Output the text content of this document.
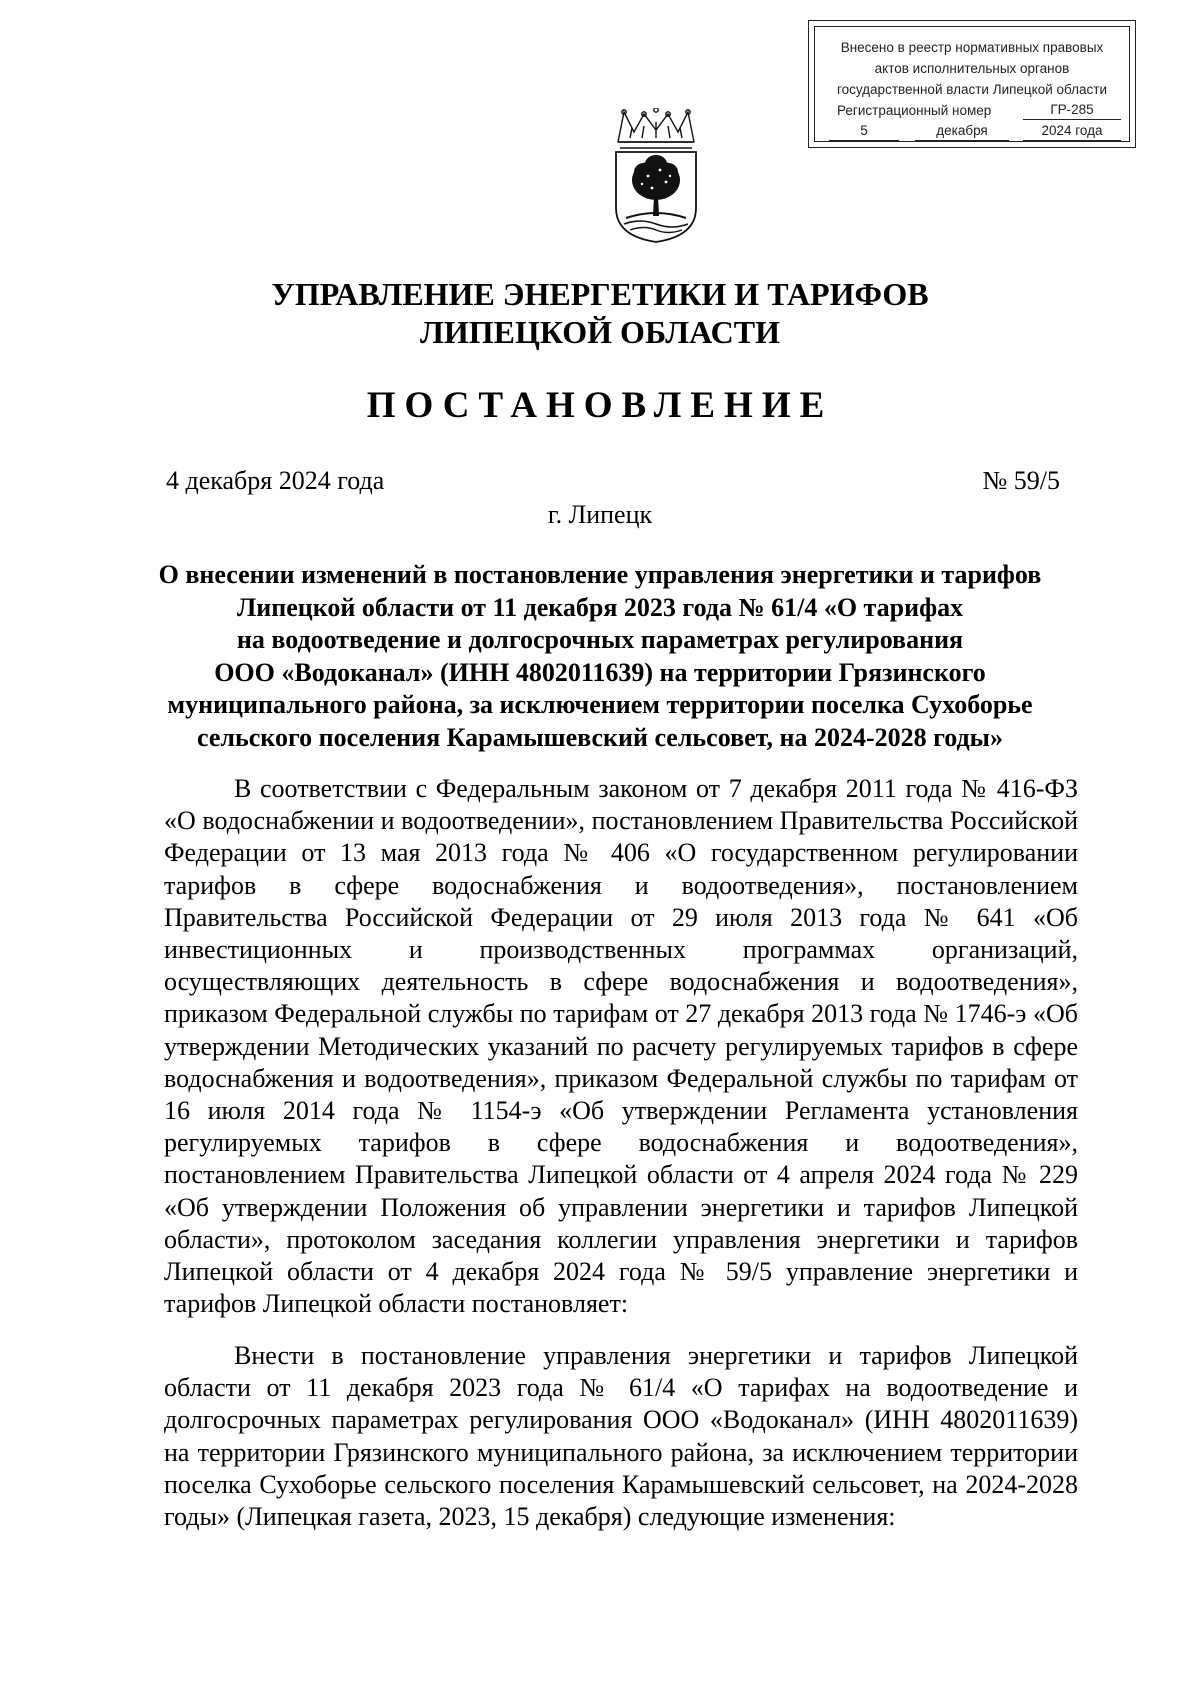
Внесено в реестр нормативных правовых
актов исполнительных органов
государственной власти Липецкой области
Регистрационный номер	ГР-285
5	декабря	2024 года
УПРАВЛЕНИЕ ЭНЕРГЕТИКИ И ТАРИФОВ
ЛИПЕЦКОЙ ОБЛАСТИ
ПОСТАНОВЛЕНИЕ
4 декабря 2024 года	№ 59/5
г. Липецк
О внесении изменений в постановление управления энергетики и тарифов
Липецкой области от 11 декабря 2023 года № 61/4 «О тарифах
на водоотведение и долгосрочных параметрах регулирования
ООО «Водоканал» (ИНН 4802011639) на территории Грязинского
муниципального района, за исключением территории поселка Сухоборье
сельского поселения Карамышевский сельсовет, на 2024-2028 годы»
В соответствии с Федеральным законом от 7 декабря 2011 года № 416-ФЗ «О водоснабжении и водоотведении», постановлением Правительства Российской Федерации от 13 мая 2013 года № 406 «О государственном регулировании тарифов в сфере водоснабжения и водоотведения», постановлением Правительства Российской Федерации от 29 июля 2013 года № 641 «Об инвестиционных и производственных программах организаций, осуществляющих деятельность в сфере водоснабжения и водоотведения», приказом Федеральной службы по тарифам от 27 декабря 2013 года № 1746-э «Об утверждении Методических указаний по расчету регулируемых тарифов в сфере водоснабжения и водоотведения», приказом Федеральной службы по тарифам от 16 июля 2014 года № 1154-э «Об утверждении Регламента установления регулируемых тарифов в сфере водоснабжения и водоотведения», постановлением Правительства Липецкой области от 4 апреля 2024 года № 229 «Об утверждении Положения об управлении энергетики и тарифов Липецкой области», протоколом заседания коллегии управления энергетики и тарифов Липецкой области от 4 декабря 2024 года № 59/5 управление энергетики и тарифов Липецкой области постановляет:
Внести в постановление управления энергетики и тарифов Липецкой области от 11 декабря 2023 года № 61/4 «О тарифах на водоотведение и долгосрочных параметрах регулирования ООО «Водоканал» (ИНН 4802011639) на территории Грязинского муниципального района, за исключением территории поселка Сухоборье сельского поселения Карамышевский сельсовет, на 2024-2028 годы» (Липецкая газета, 2023, 15 декабря) следующие изменения:
